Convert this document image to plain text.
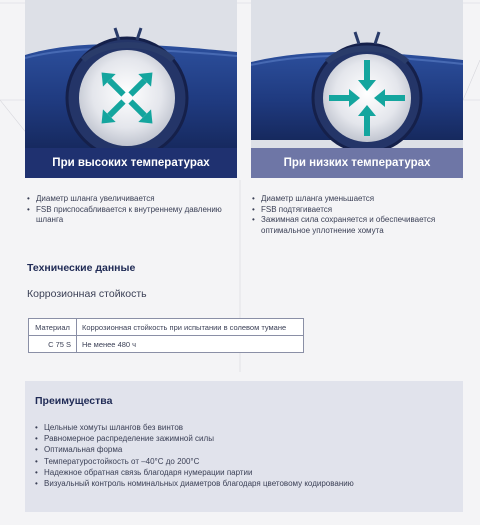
При высоких температурах	При низких температурах
• Диаметр шланга увеличивается
• FSB приспосабливается к внутреннему давлению шланга
• Диаметр шланга уменьшается
• FSB подтягивается
• Зажимная сила сохраняется и обеспечивается оптимальное уплотнение хомута
Технические данные
Коррозионная стойкость
Материал	Коррозионная стойкость при испытании в солевом тумане
С 75 S	Не менее 480 ч
Преимущества
• Цельные хомуты шлангов без винтов
• Равномерное распределение зажимной силы
• Оптимальная форма
• Температуростойкость от –40°C до 200°C
• Надежное обратная связь благодаря нумерации партии
• Визуальный контроль номинальных диаметров благодаря цветовому кодированию
